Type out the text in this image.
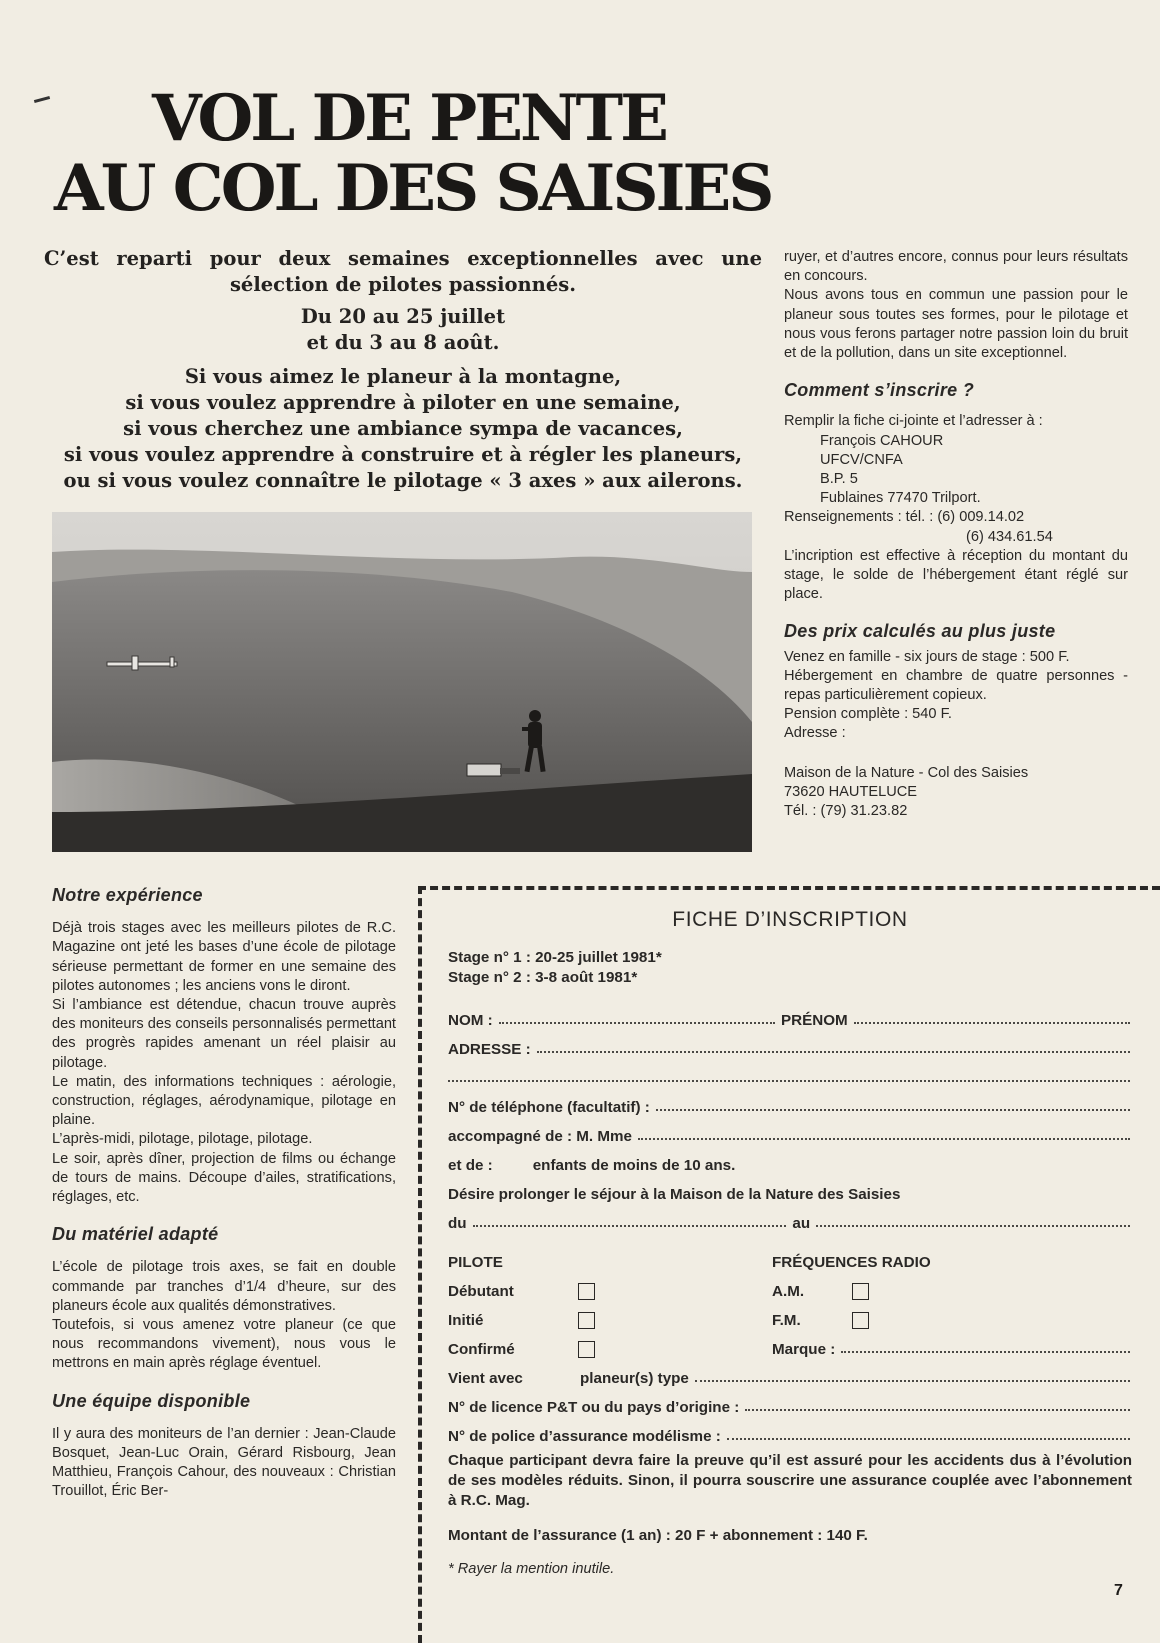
VOL DE PENTE
AU COL DES SAISIES

C’est reparti pour deux semaines exceptionnelles avec une sélection de pilotes passionnés.

Du 20 au 25 juillet
et du 3 au 8 août.

Si vous aimez le planeur à la montagne,
si vous voulez apprendre à piloter en une semaine,
si vous cherchez une ambiance sympa de vacances,
si vous voulez apprendre à construire et à régler les planeurs,
ou si vous voulez connaître le pilotage « 3 axes » aux ailerons.

ruyer, et d’autres encore, connus pour leurs résultats en concours.

Nous avons tous en commun une passion pour le planeur sous toutes ses formes, pour le pilotage et nous vous ferons partager notre passion loin du bruit et de la pollution, dans un site exceptionnel.

Comment s’inscrire ?

Remplir la fiche ci-jointe et l’adresser à :

François CAHOUR

UFCV/CNFA

B.P. 5

Fublaines 77470 Trilport.

Renseignements : tél. : (6) 009.14.02

(6) 434.61.54

L’incription est effective à réception du montant du stage, le solde de l’hébergement étant réglé sur place.

Des prix calculés au plus juste

Venez en famille - six jours de stage : 500 F.

Hébergement en chambre de quatre personnes - repas particulièrement copieux.

Pension complète : 540 F.

Adresse :

Maison de la Nature - Col des Saisies

73620 HAUTELUCE

Tél. : (79) 31.23.82

Notre expérience

Déjà trois stages avec les meilleurs pilotes de R.C. Magazine ont jeté les bases d’une école de pilotage sérieuse permettant de former en une semaine des pilotes autonomes ; les anciens vons le diront.

Si l’ambiance est détendue, chacun trouve auprès des moniteurs des conseils personnalisés permettant des progrès rapides amenant un réel plaisir au pilotage.

Le matin, des informations techniques : aérologie, construction, réglages, aérodynamique, pilotage en plaine.

L’après-midi, pilotage, pilotage, pilotage.

Le soir, après dîner, projection de films ou échange de tours de mains. Découpe d’ailes, stratifications, réglages, etc.

Du matériel adapté

L’école de pilotage trois axes, se fait en double commande par tranches d’1/4 d’heure, sur des planeurs école aux qualités démonstratives.

Toutefois, si vous amenez votre planeur (ce que nous recommandons vivement), nous vous le mettrons en main après réglage éventuel.

Une équipe disponible

Il y aura des moniteurs de l’an dernier : Jean-Claude Bosquet, Jean-Luc Orain, Gérard Risbourg, Jean Matthieu, François Cahour, des nouveaux : Christian Trouillot, Éric Ber-

FICHE D’INSCRIPTION
Stage n° 1 : 20-25 juillet 1981*
Stage n° 2 : 3-8 août 1981*
NOM :	PRÉNOM
ADRESSE :
N° de téléphone (facultatif) :
accompagné de : M. Mme
et de :	enfants de moins de 10 ans.
Désire prolonger le séjour à la Maison de la Nature des Saisies
du	au
PILOTE	FRÉQUENCES RADIO
Débutant	A.M.
Initié	F.M.
Confirmé	Marque :
Vient avec	planeur(s) type
N° de licence P&T ou du pays d’origine :
N° de police d’assurance modélisme :

Chaque participant devra faire la preuve qu’il est assuré pour les accidents dus à l’évolution de ses modèles réduits. Sinon, il pourra souscrire une assurance couplée avec l’abonnement à R.C. Mag.

Montant de l’assurance (1 an) : 20 F + abonnement : 140 F.

* Rayer la mention inutile.

7
